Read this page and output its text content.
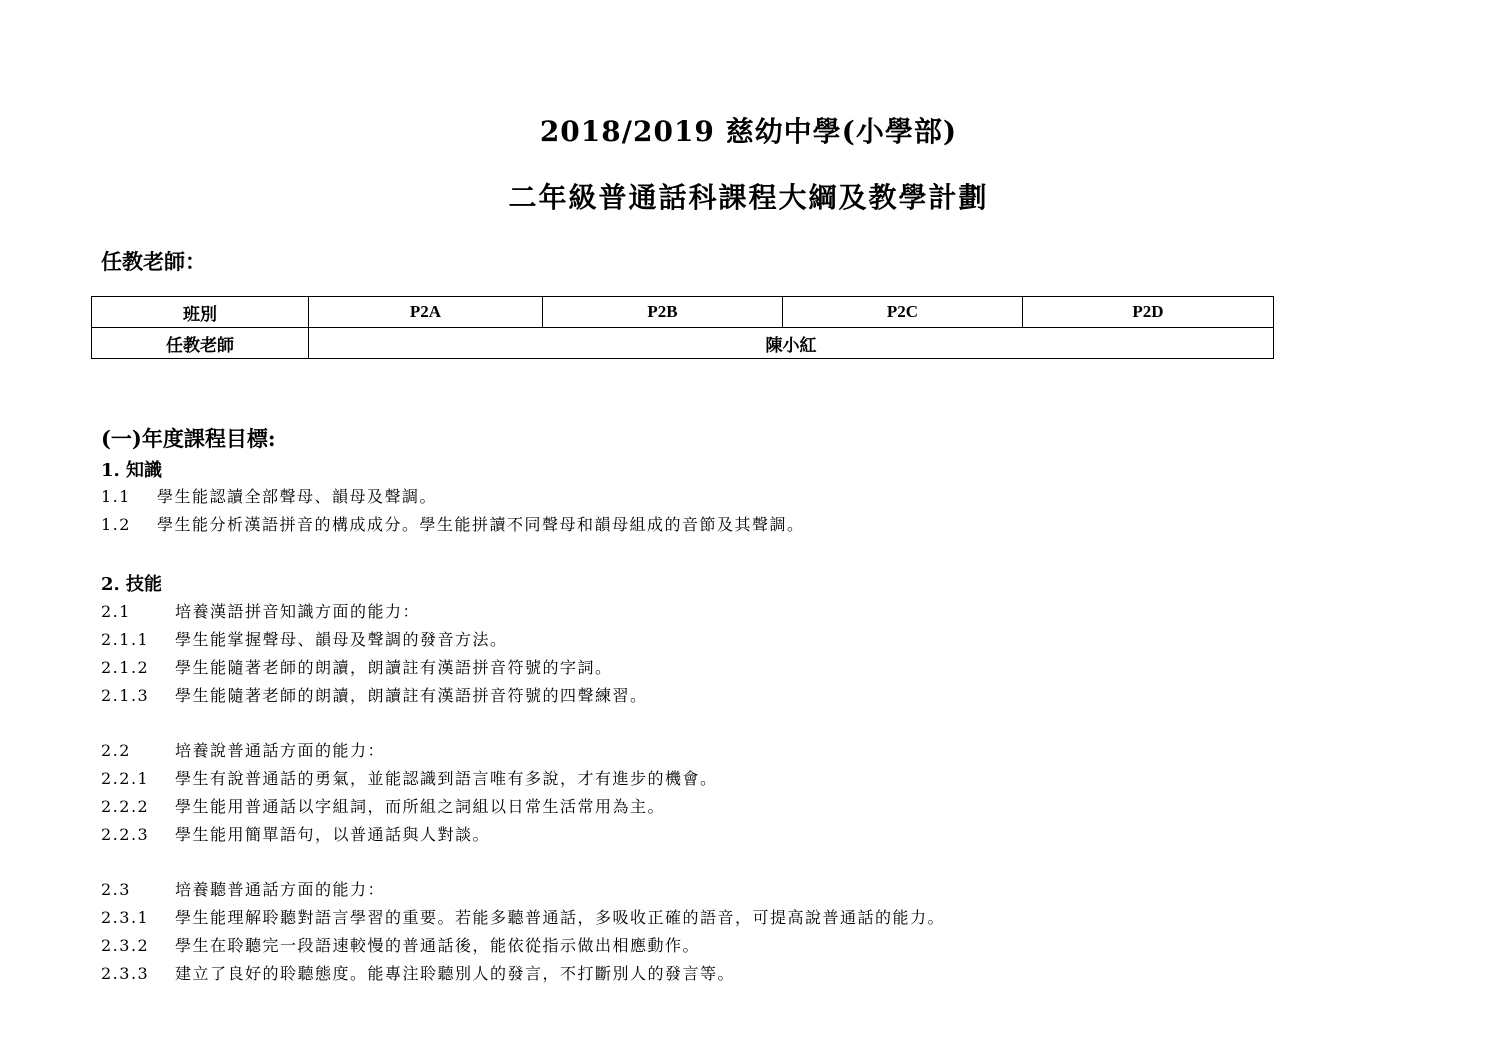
2018/2019 慈幼中學(小學部)
二年級普通話科課程大綱及教學計劃
任教老師：
班別	P2A	P2B	P2C	P2D
任教老師	陳小紅			
(一)年度課程目標:
1. 知識
1.1 學生能認讀全部聲母、韻母及聲調。
1.2 學生能分析漢語拼音的構成成分。學生能拼讀不同聲母和韻母組成的音節及其聲調。
2. 技能
2.1	培養漢語拼音知識方面的能力：
2.1.1 學生能掌握聲母、韻母及聲調的發音方法。
2.1.2 學生能隨著老師的朗讀，朗讀註有漢語拼音符號的字詞。
2.1.3 學生能隨著老師的朗讀，朗讀註有漢語拼音符號的四聲練習。
2.2	培養說普通話方面的能力：
2.2.1 學生有說普通話的勇氣，並能認識到語言唯有多說，才有進步的機會。
2.2.2 學生能用普通話以字組詞，而所組之詞組以日常生活常用為主。
2.2.3 學生能用簡單語句，以普通話與人對談。
2.3	培養聽普通話方面的能力：
2.3.1 學生能理解聆聽對語言學習的重要。若能多聽普通話，多吸收正確的語音，可提高說普通話的能力。
2.3.2 學生在聆聽完一段語速較慢的普通話後，能依從指示做出相應動作。
2.3.3 建立了良好的聆聽態度。能專注聆聽別人的發言，不打斷別人的發言等。
